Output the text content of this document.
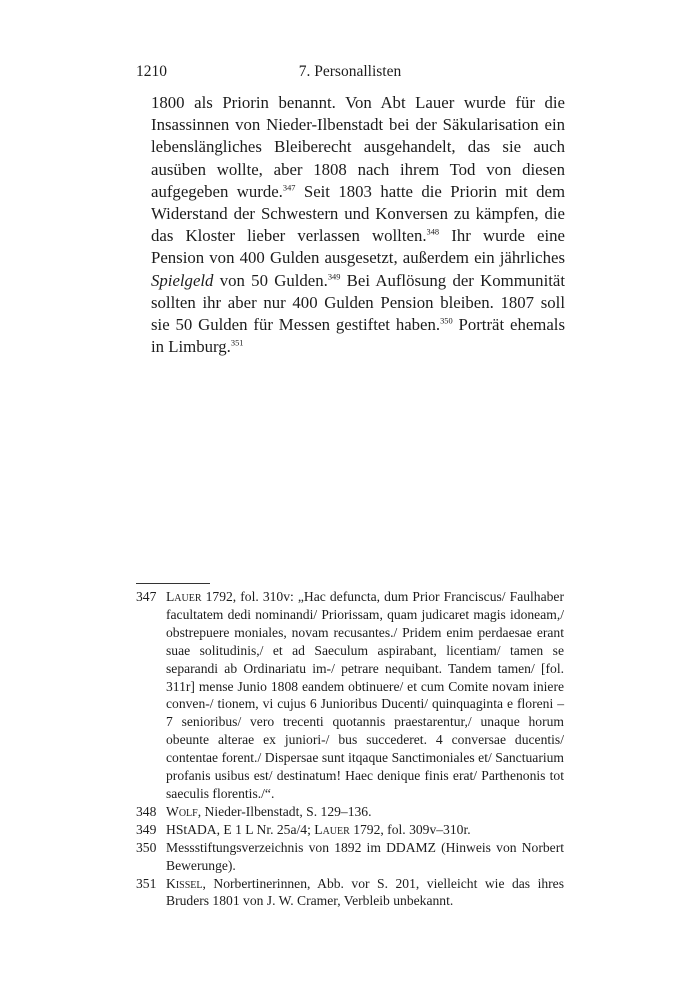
1210	7. Personallisten

1800 als Priorin benannt. Von Abt Lauer wurde für die Insassinnen von Nieder-Ilbenstadt bei der Säkularisation ein lebenslängliches Bleiberecht ausgehandelt, das sie auch ausüben wollte, aber 1808 nach ihrem Tod von diesen aufgegeben wurde.$^{347}$ Seit 1803 hatte die Priorin mit dem Widerstand der Schwestern und Konversen zu kämpfen, die das Kloster lieber verlassen wollten.$^{348}$ Ihr wurde eine Pension von 400 Gulden ausgesetzt, außerdem ein jährliches Spielgeld von 50 Gulden.$^{349}$ Bei Auflösung der Kommunität sollten ihr aber nur 400 Gulden Pension bleiben. 1807 soll sie 50 Gulden für Messen gestiftet haben.$^{350}$ Porträt ehemals in Limburg.$^{351}$

347 Lauer 1792, fol. 310v: „Hac defuncta, dum Prior Franciscus/ Faulhaber facultatem dedi nominandi/ Priorissam, quam judicaret magis idoneam,/ obstrepuere moniales, novam recusantes./ Pridem enim perdaesae erant suae solitudinis,/ et ad Saeculum aspirabant, licentiam/ tamen se separandi ab Ordinariatu im-/ petrare nequibant. Tandem tamen/ [fol. 311r] mense Junio 1808 eandem obtinuere/ et cum Comite novam iniere conven-/ tionem, vi cujus 6 Junioribus Ducenti/ quinquaginta e floreni – 7 senioribus/ vero trecenti quotannis praestarentur,/ unaque horum obeunte alterae ex juniori-/ bus succederet. 4 conversae ducentis/ contentae forent./ Dispersae sunt itqaque Sanctimoniales et/ Sanctuarium profanis usibus est/ destinatum! Haec denique finis erat/ Parthenonis tot saeculis florentis./“.
348 Wolf, Nieder-Ilbenstadt, S. 129–136.
349 HStADA, E 1 L Nr. 25a/4; Lauer 1792, fol. 309v–310r.
350 Messstiftungsverzeichnis von 1892 im DDAMZ (Hinweis von Norbert Bewerunge).
351 Kissel, Norbertinerinnen, Abb. vor S. 201, vielleicht wie das ihres Bruders 1801 von J. W. Cramer, Verbleib unbekannt.
